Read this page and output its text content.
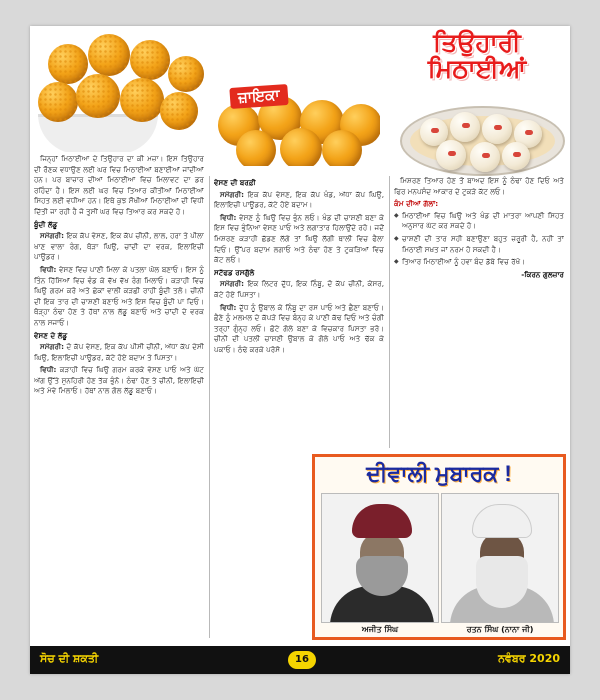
ਜ਼ਾਇਕਾ
ਤਿਉਹਾਰੀ
ਮਿਠਾਈਆਂ

ਜਿਨ੍ਹਾਂ ਮਿਠਾਈਆਂ ਦੇ ਤਿਉਹਾਰ ਦਾ ਕੀ ਮਜ਼ਾ। ਇਸ ਤਿਉਹਾਰ ਦੀ ਰੌਣਕ ਵਧਾਉਣ ਲਈ ਘਰ ਵਿਚ ਮਿਠਾਈਆਂ ਬਣਾਈਆਂ ਜਾਂਦੀਆਂ ਹਨ। ਪਰ ਬਾਜ਼ਾਰ ਦੀਆਂ ਮਿਠਾਈਆਂ ਵਿਚ ਮਿਲਾਵਟ ਦਾ ਡਰ ਰਹਿੰਦਾ ਹੈ। ਇਸ ਲਈ ਘਰ ਵਿਚ ਤਿਆਰ ਕੀਤੀਆਂ ਮਿਠਾਈਆਂ ਸਿਹਤ ਲਈ ਵਧੀਆ ਹਨ। ਇਥੇ ਕੁਝ ਸੌਖੀਆਂ ਮਿਠਾਈਆਂ ਦੀ ਵਿਧੀ ਦਿੱਤੀ ਜਾ ਰਹੀ ਹੈ ਜੋ ਤੁਸੀਂ ਘਰ ਵਿਚ ਤਿਆਰ ਕਰ ਸਕਦੇ ਹੋ।

ਬੂੰਦੀ ਲੱਡੂ

ਸਮੱਗਰੀ: ਇਕ ਕੱਪ ਵੇਸਣ, ਇਕ ਕੱਪ ਚੀਨੀ, ਲਾਲ, ਹਰਾ ਤੇ ਪੀਲਾ ਖਾਣ ਵਾਲਾ ਰੰਗ, ਥੋੜਾ ਘਿਉ, ਚਾਂਦੀ ਦਾ ਵਰਕ, ਇਲਾਇਚੀ ਪਾਊਡਰ।

ਵਿਧੀ: ਵੇਸਣ ਵਿਚ ਪਾਣੀ ਮਿਲਾ ਕੇ ਪਤਲਾ ਘੋਲ ਬਣਾਓ। ਇਸ ਨੂੰ ਤਿੰਨ ਹਿੱਸਿਆਂ ਵਿਚ ਵੰਡ ਕੇ ਵੱਖ ਵੱਖ ਰੰਗ ਮਿਲਾਓ। ਕੜਾਹੀ ਵਿਚ ਘਿਉ ਗਰਮ ਕਰੋ ਅਤੇ ਛੇਕਾਂ ਵਾਲੀ ਕੜਛੀ ਰਾਹੀਂ ਬੂੰਦੀ ਤਲੋ। ਚੀਨੀ ਦੀ ਇਕ ਤਾਰ ਦੀ ਚਾਸ਼ਣੀ ਬਣਾਓ ਅਤੇ ਇਸ ਵਿਚ ਬੂੰਦੀ ਪਾ ਦਿਓ। ਥੋੜ੍ਹਾ ਠੰਢਾ ਹੋਣ ਤੇ ਹੱਥਾਂ ਨਾਲ ਲੱਡੂ ਬਣਾਓ ਅਤੇ ਚਾਂਦੀ ਦੇ ਵਰਕ ਨਾਲ ਸਜਾਓ।

ਵੇਸਣ ਦੇ ਲੱਡੂ

ਸਮੱਗਰੀ: ਦੋ ਕੱਪ ਵੇਸਣ, ਇਕ ਕੱਪ ਪੀਸੀ ਚੀਨੀ, ਅੱਧਾ ਕੱਪ ਦੇਸੀ ਘਿਉ, ਇਲਾਇਚੀ ਪਾਊਡਰ, ਕੱਟੇ ਹੋਏ ਬਦਾਮ ਤੇ ਪਿਸਤਾ।

ਵਿਧੀ: ਕੜਾਹੀ ਵਿਚ ਘਿਉ ਗਰਮ ਕਰਕੇ ਵੇਸਣ ਪਾਓ ਅਤੇ ਘੱਟ ਅੱਗ ਉੱਤੇ ਸੁਨਹਿਰੀ ਹੋਣ ਤੱਕ ਭੁੰਨੋ। ਠੰਢਾ ਹੋਣ ਤੇ ਚੀਨੀ, ਇਲਾਇਚੀ ਅਤੇ ਮੇਵੇ ਮਿਲਾਓ। ਹੱਥਾਂ ਨਾਲ ਗੋਲ ਲੱਡੂ ਬਣਾਓ।

ਵੇਸਣ ਦੀ ਬਰਫ਼ੀ

ਸਮੱਗਰੀ: ਇਕ ਕੱਪ ਵੇਸਣ, ਇਕ ਕੱਪ ਖੰਡ, ਅੱਧਾ ਕੱਪ ਘਿਉ, ਇਲਾਇਚੀ ਪਾਊਡਰ, ਕੱਟੇ ਹੋਏ ਬਦਾਮ।

ਵਿਧੀ: ਵੇਸਣ ਨੂੰ ਘਿਉ ਵਿਚ ਭੁੰਨ ਲਓ। ਖੰਡ ਦੀ ਚਾਸ਼ਣੀ ਬਣਾ ਕੇ ਇਸ ਵਿਚ ਭੁੰਨਿਆ ਵੇਸਣ ਪਾਓ ਅਤੇ ਲਗਾਤਾਰ ਹਿਲਾਉਂਦੇ ਰਹੋ। ਜਦੋਂ ਮਿਸ਼ਰਣ ਕੜਾਹੀ ਛੱਡਣ ਲੱਗੇ ਤਾਂ ਘਿਉ ਲੱਗੀ ਥਾਲੀ ਵਿਚ ਫੈਲਾ ਦਿਓ। ਉੱਪਰ ਬਦਾਮ ਲਗਾਓ ਅਤੇ ਠੰਢਾ ਹੋਣ ਤੇ ਟੁਕੜਿਆਂ ਵਿਚ ਕੱਟ ਲਓ।

ਸਟੱਫਡ ਰਸਗੁੱਲੇ

ਸਮੱਗਰੀ: ਇਕ ਲਿਟਰ ਦੁੱਧ, ਇਕ ਨਿੰਬੂ, ਦੋ ਕੱਪ ਚੀਨੀ, ਕੇਸਰ, ਕੱਟੇ ਹੋਏ ਪਿਸਤਾ।

ਵਿਧੀ: ਦੁੱਧ ਨੂੰ ਉਬਾਲ ਕੇ ਨਿੰਬੂ ਦਾ ਰਸ ਪਾਓ ਅਤੇ ਛੈਣਾ ਬਣਾਓ। ਛੈਣੇ ਨੂੰ ਮਲਮਲ ਦੇ ਕੱਪੜੇ ਵਿਚ ਬੰਨ੍ਹ ਕੇ ਪਾਣੀ ਕੱਢ ਦਿਓ ਅਤੇ ਚੰਗੀ ਤਰ੍ਹਾਂ ਗੁੰਨ੍ਹ ਲਓ। ਛੋਟੇ ਗੋਲੇ ਬਣਾ ਕੇ ਵਿਚਕਾਰ ਪਿਸਤਾ ਭਰੋ। ਚੀਨੀ ਦੀ ਪਤਲੀ ਚਾਸ਼ਣੀ ਉਬਾਲ ਕੇ ਗੋਲੇ ਪਾਓ ਅਤੇ ਢੱਕ ਕੇ ਪਕਾਓ। ਠੰਢੇ ਕਰਕੇ ਪਰੋਸੋ।

ਮਿਸ਼ਰਣ ਤਿਆਰ ਹੋਣ ਤੋਂ ਬਾਅਦ ਇਸ ਨੂੰ ਠੰਢਾ ਹੋਣ ਦਿਓ ਅਤੇ ਫਿਰ ਮਨਪਸੰਦ ਆਕਾਰ ਦੇ ਟੁਕੜੇ ਕੱਟ ਲਓ।

ਕੰਮ ਦੀਆਂ ਗੱਲਾਂ:

◆ ਮਿਠਾਈਆਂ ਵਿਚ ਘਿਉ ਅਤੇ ਖੰਡ ਦੀ ਮਾਤਰਾ ਆਪਣੀ ਸਿਹਤ ਅਨੁਸਾਰ ਘੱਟ ਕਰ ਸਕਦੇ ਹੋ।

◆ ਚਾਸ਼ਣੀ ਦੀ ਤਾਰ ਸਹੀ ਬਣਾਉਣਾ ਬਹੁਤ ਜ਼ਰੂਰੀ ਹੈ, ਨਹੀਂ ਤਾਂ ਮਿਠਾਈ ਸਖ਼ਤ ਜਾਂ ਨਰਮ ਹੋ ਸਕਦੀ ਹੈ।

◆ ਤਿਆਰ ਮਿਠਾਈਆਂ ਨੂੰ ਹਵਾ ਬੰਦ ਡੱਬੇ ਵਿਚ ਰੱਖੋ।

-ਕਿਰਨ ਗੁਲਜ਼ਾਰ

ਦੀਵਾਲੀ ਮੁਬਾਰਕ !
ਅਜੀਤ ਸਿੰਘ	ਰਤਨ ਸਿੰਘ (ਨਾਨਾ ਜੀ)
ਸੋਚ ਦੀ ਸ਼ਕਤੀ	16	ਨਵੰਬਰ 2020
